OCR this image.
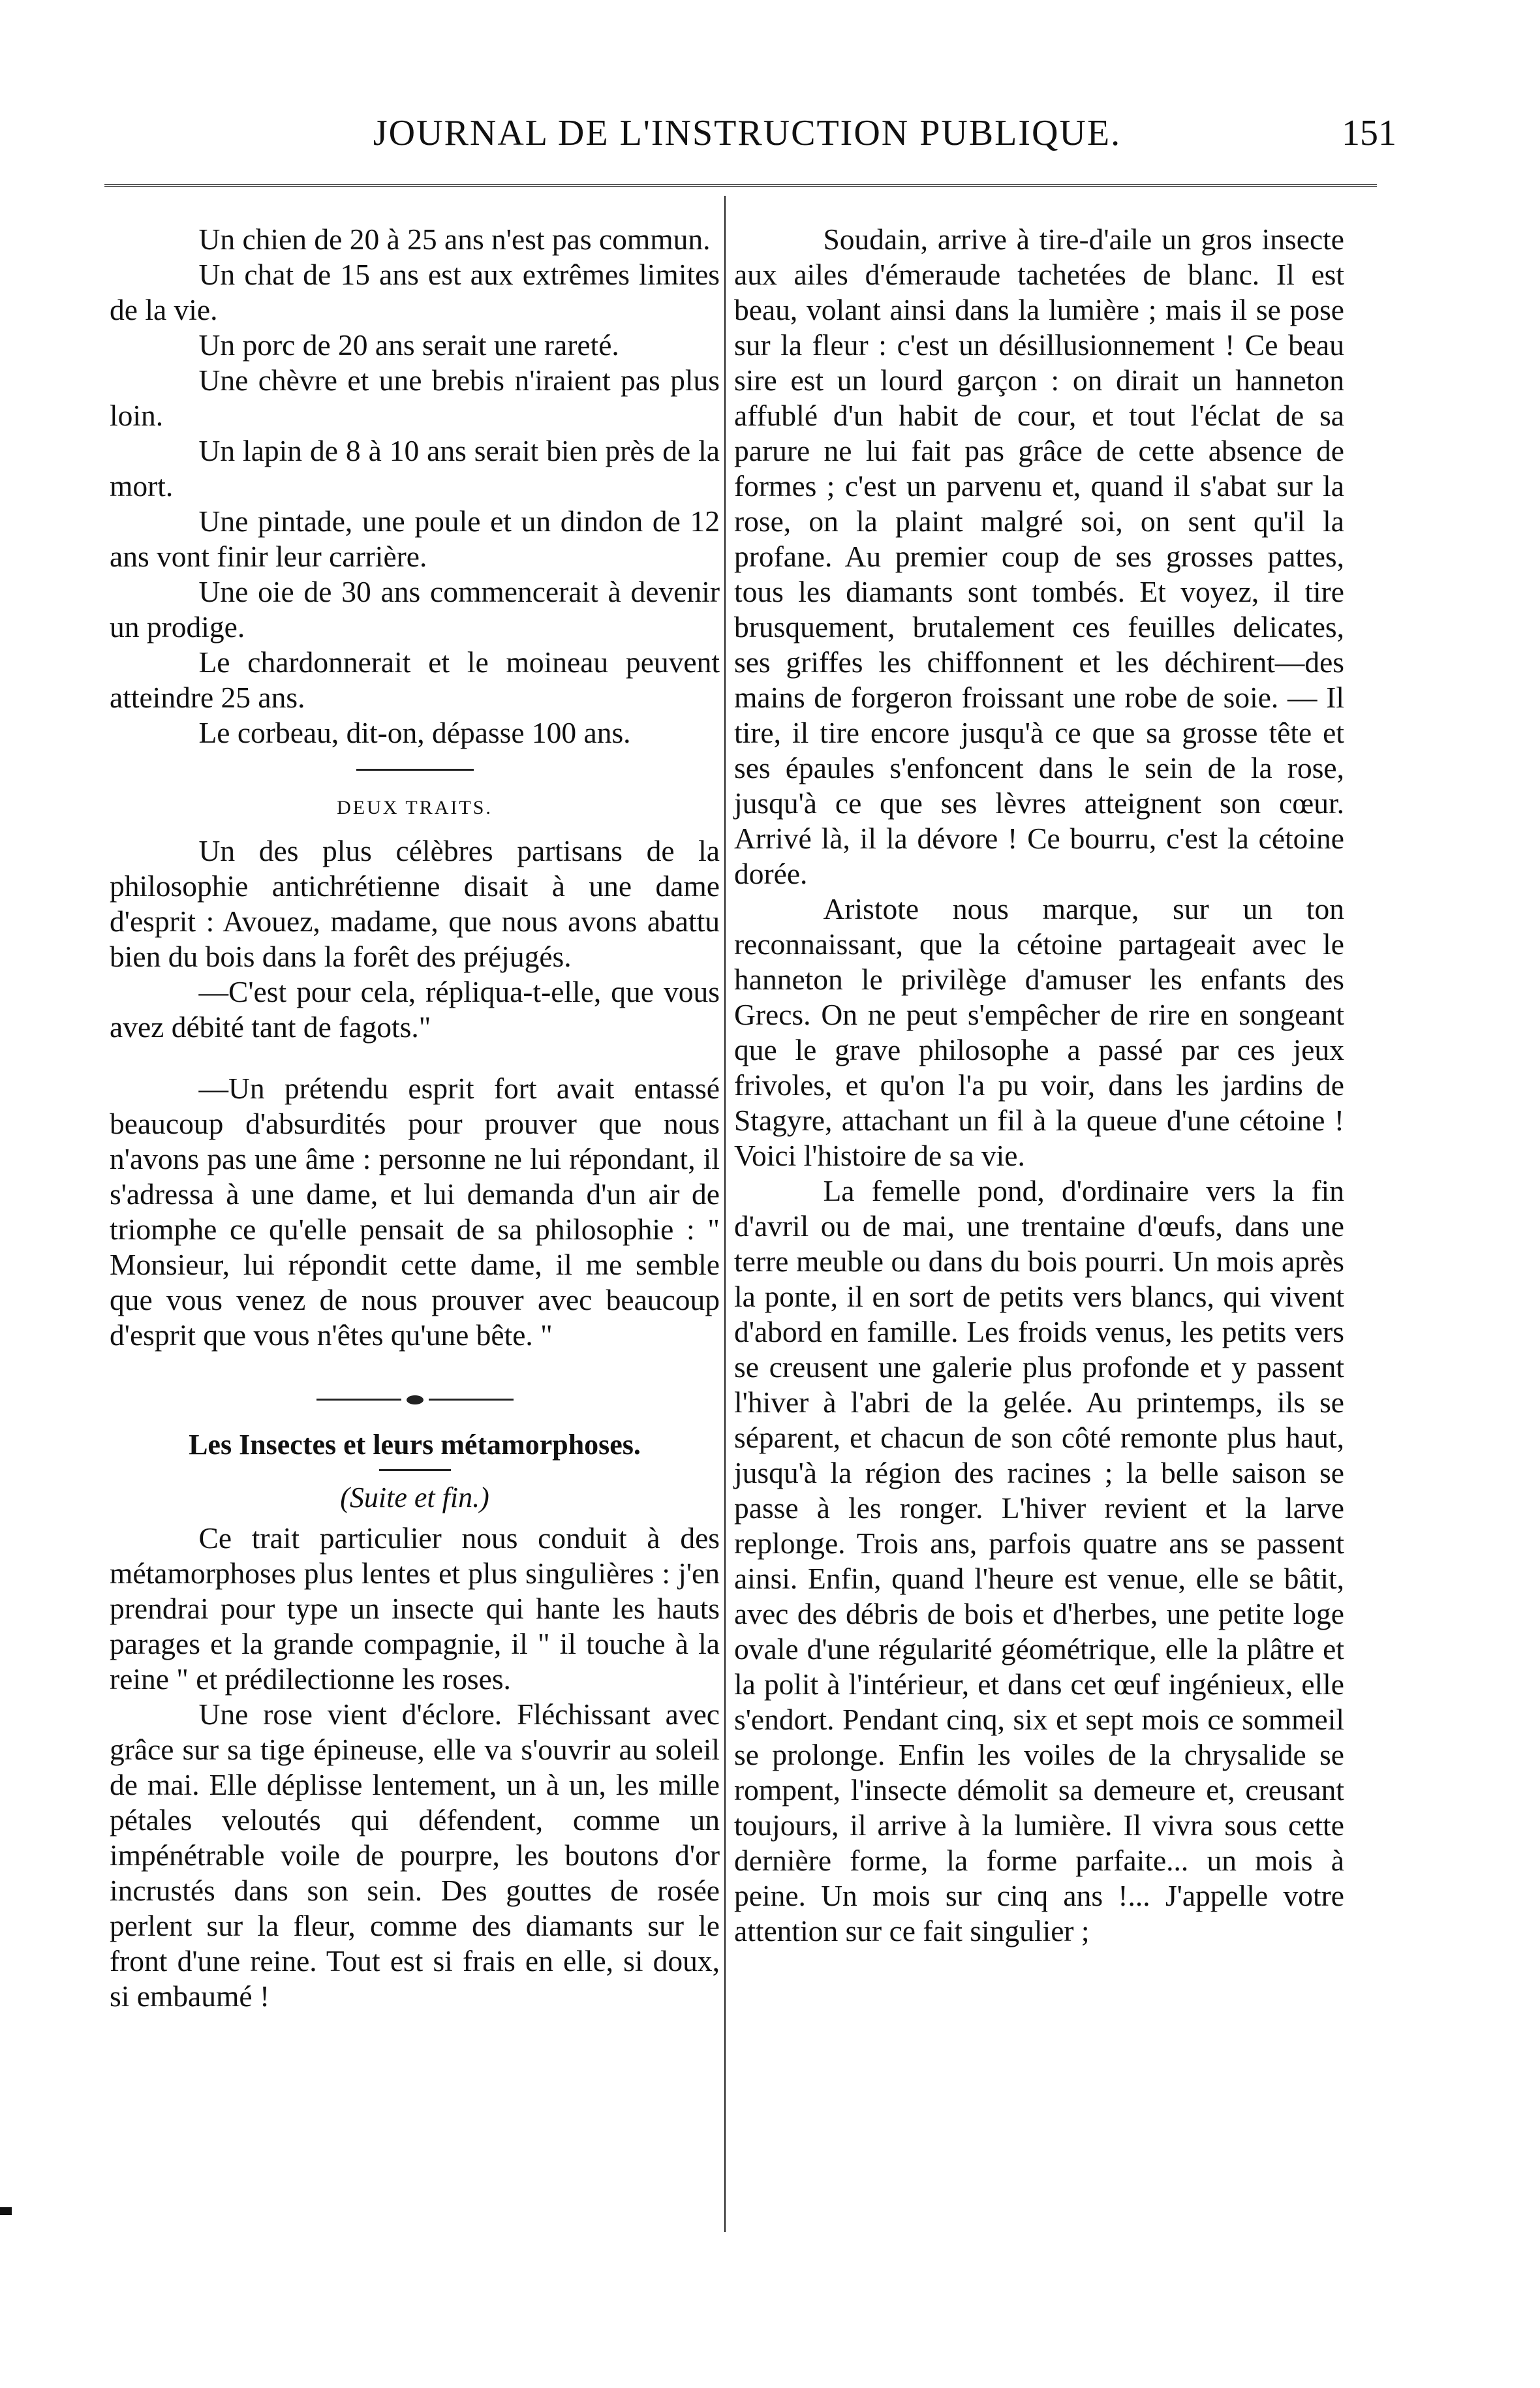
JOURNAL DE L'INSTRUCTION PUBLIQUE.	151

Un chien de 20 à 25 ans n'est pas commun.

Un chat de 15 ans est aux extrêmes limites de la vie.

Un porc de 20 ans serait une rareté.

Une chèvre et une brebis n'iraient pas plus loin.

Un lapin de 8 à 10 ans serait bien près de la mort.

Une pintade, une poule et un dindon de 12 ans vont finir leur carrière.

Une oie de 30 ans commencerait à devenir un prodige.

Le chardonnerait et le moineau peuvent atteindre 25 ans.

Le corbeau, dit-on, dépasse 100 ans.

DEUX TRAITS.

Un des plus célèbres partisans de la philosophie antichrétienne disait à une dame d'esprit : Avouez, madame, que nous avons abattu bien du bois dans la forêt des préjugés.

—C'est pour cela, répliqua-t-elle, que vous avez débité tant de fagots."

—Un prétendu esprit fort avait entassé beaucoup d'absurdités pour prouver que nous n'avons pas une âme : personne ne lui répondant, il s'adressa à une dame, et lui demanda d'un air de triomphe ce qu'elle pensait de sa philosophie : " Monsieur, lui répondit cette dame, il me semble que vous venez de nous prouver avec beaucoup d'esprit que vous n'êtes qu'une bête. "

Les Insectes et leurs métamorphoses.
(Suite et fin.)

Ce trait particulier nous conduit à des métamorphoses plus lentes et plus singulières : j'en prendrai pour type un insecte qui hante les hauts parages et la grande compagnie, il " il touche à la reine " et prédilectionne les roses.

Une rose vient d'éclore. Fléchissant avec grâce sur sa tige épineuse, elle va s'ouvrir au soleil de mai. Elle déplisse lentement, un à un, les mille pétales veloutés qui défendent, comme un impénétrable voile de pourpre, les boutons d'or incrustés dans son sein. Des gouttes de rosée perlent sur la fleur, comme des diamants sur le front d'une reine. Tout est si frais en elle, si doux, si embaumé !

Soudain, arrive à tire-d'aile un gros insecte aux ailes d'émeraude tachetées de blanc. Il est beau, volant ainsi dans la lumière ; mais il se pose sur la fleur : c'est un désillusionnement ! Ce beau sire est un lourd garçon : on dirait un hanneton affublé d'un habit de cour, et tout l'éclat de sa parure ne lui fait pas grâce de cette absence de formes ; c'est un parvenu et, quand il s'abat sur la rose, on la plaint malgré soi, on sent qu'il la profane. Au premier coup de ses grosses pattes, tous les diamants sont tombés. Et voyez, il tire brusquement, brutalement ces feuilles delicates, ses griffes les chiffonnent et les déchirent—des mains de forgeron froissant une robe de soie. — Il tire, il tire encore jusqu'à ce que sa grosse tête et ses épaules s'enfoncent dans le sein de la rose, jusqu'à ce que ses lèvres atteignent son cœur. Arrivé là, il la dévore ! Ce bourru, c'est la cétoine dorée.

Aristote nous marque, sur un ton reconnaissant, que la cétoine partageait avec le hanneton le privilège d'amuser les enfants des Grecs. On ne peut s'empêcher de rire en songeant que le grave philosophe a passé par ces jeux frivoles, et qu'on l'a pu voir, dans les jardins de Stagyre, attachant un fil à la queue d'une cétoine ! Voici l'histoire de sa vie.

La femelle pond, d'ordinaire vers la fin d'avril ou de mai, une trentaine d'œufs, dans une terre meuble ou dans du bois pourri. Un mois après la ponte, il en sort de petits vers blancs, qui vivent d'abord en famille. Les froids venus, les petits vers se creusent une galerie plus profonde et y passent l'hiver à l'abri de la gelée. Au printemps, ils se séparent, et chacun de son côté remonte plus haut, jusqu'à la région des racines ; la belle saison se passe à les ronger. L'hiver revient et la larve replonge. Trois ans, parfois quatre ans se passent ainsi. Enfin, quand l'heure est venue, elle se bâtit, avec des débris de bois et d'herbes, une petite loge ovale d'une régularité géométrique, elle la plâtre et la polit à l'intérieur, et dans cet œuf ingénieux, elle s'endort. Pendant cinq, six et sept mois ce sommeil se prolonge. Enfin les voiles de la chrysalide se rompent, l'insecte démolit sa demeure et, creusant toujours, il arrive à la lumière. Il vivra sous cette dernière forme, la forme parfaite... un mois à peine. Un mois sur cinq ans !... J'appelle votre attention sur ce fait singulier ;
